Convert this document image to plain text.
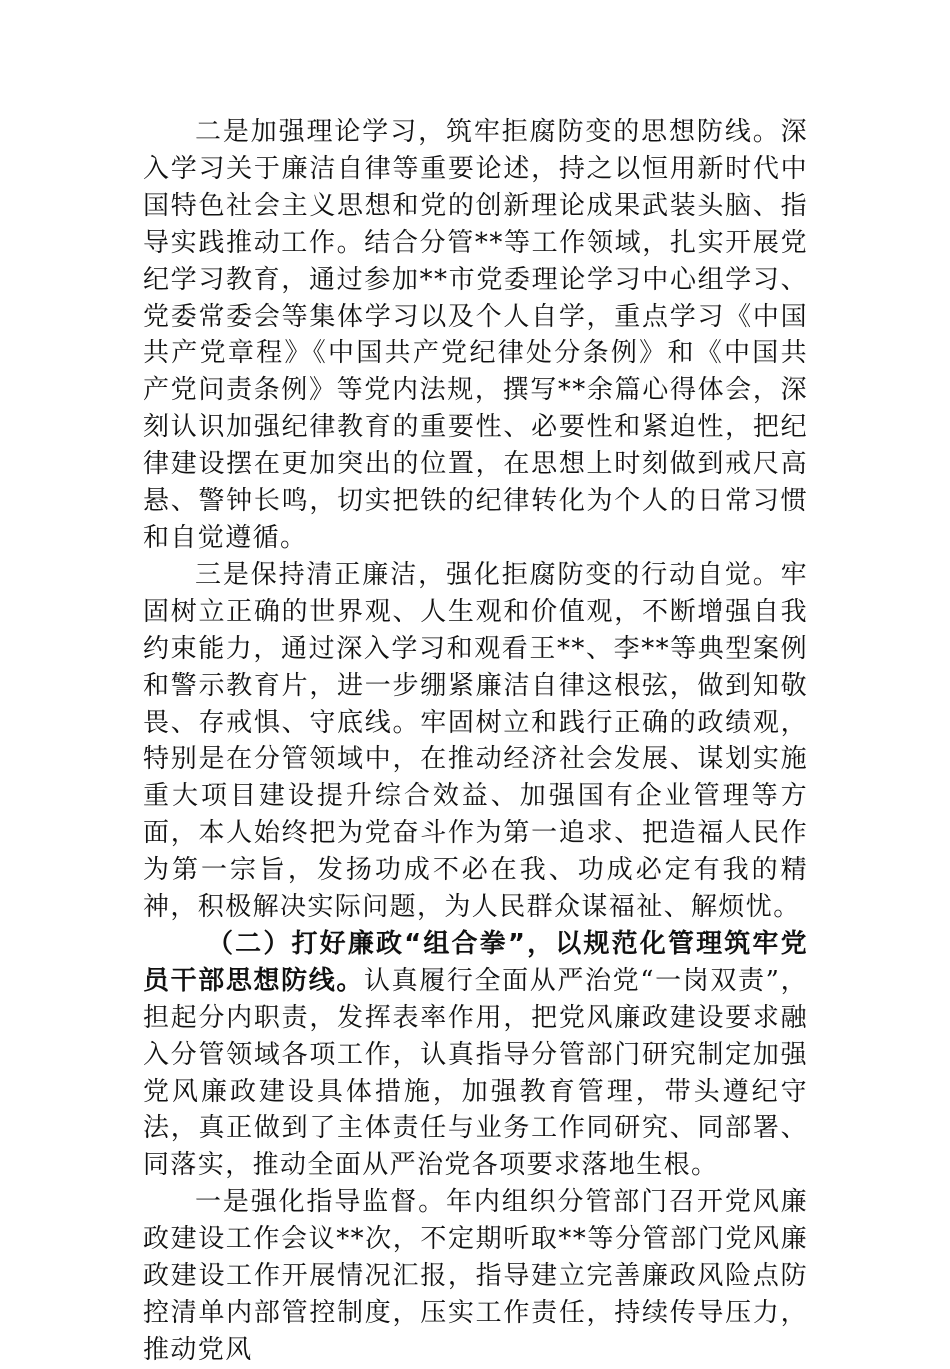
二是加强理论学习，筑牢拒腐防变的思想防线。深入学习关于廉洁自律等重要论述，持之以恒用新时代中国特色社会主义思想和党的创新理论成果武装头脑、指导实践推动工作。结合分管**等工作领域，扎实开展党纪学习教育，通过参加**市党委理论学习中心组学习、党委常委会等集体学习以及个人自学，重点学习《中国共产党章程》《中国共产党纪律处分条例》和《中国共产党问责条例》等党内法规，撰写**余篇心得体会，深刻认识加强纪律教育的重要性、必要性和紧迫性，把纪律建设摆在更加突出的位置，在思想上时刻做到戒尺高悬、警钟长鸣，切实把铁的纪律转化为个人的日常习惯和自觉遵循。

三是保持清正廉洁，强化拒腐防变的行动自觉。牢固树立正确的世界观、人生观和价值观，不断增强自我约束能力，通过深入学习和观看王**、李**等典型案例和警示教育片，进一步绷紧廉洁自律这根弦，做到知敬畏、存戒惧、守底线。牢固树立和践行正确的政绩观，特别是在分管领域中，在推动经济社会发展、谋划实施重大项目建设提升综合效益、加强国有企业管理等方面，本人始终把为党奋斗作为第一追求、把造福人民作为第一宗旨，发扬功成不必在我、功成必定有我的精神，积极解决实际问题，为人民群众谋福祉、解烦忧。

（二）打好廉政“组合拳”，以规范化管理筑牢党员干部思想防线。认真履行全面从严治党“一岗双责”，担起分内职责，发挥表率作用，把党风廉政建设要求融入分管领域各项工作，认真指导分管部门研究制定加强党风廉政建设具体措施，加强教育管理，带头遵纪守法，真正做到了主体责任与业务工作同研究、同部署、同落实，推动全面从严治党各项要求落地生根。

一是强化指导监督。年内组织分管部门召开党风廉政建设工作会议**次，不定期听取**等分管部门党风廉政建设工作开展情况汇报，指导建立完善廉政风险点防控清单内部管控制度，压实工作责任，持续传导压力，推动党风
